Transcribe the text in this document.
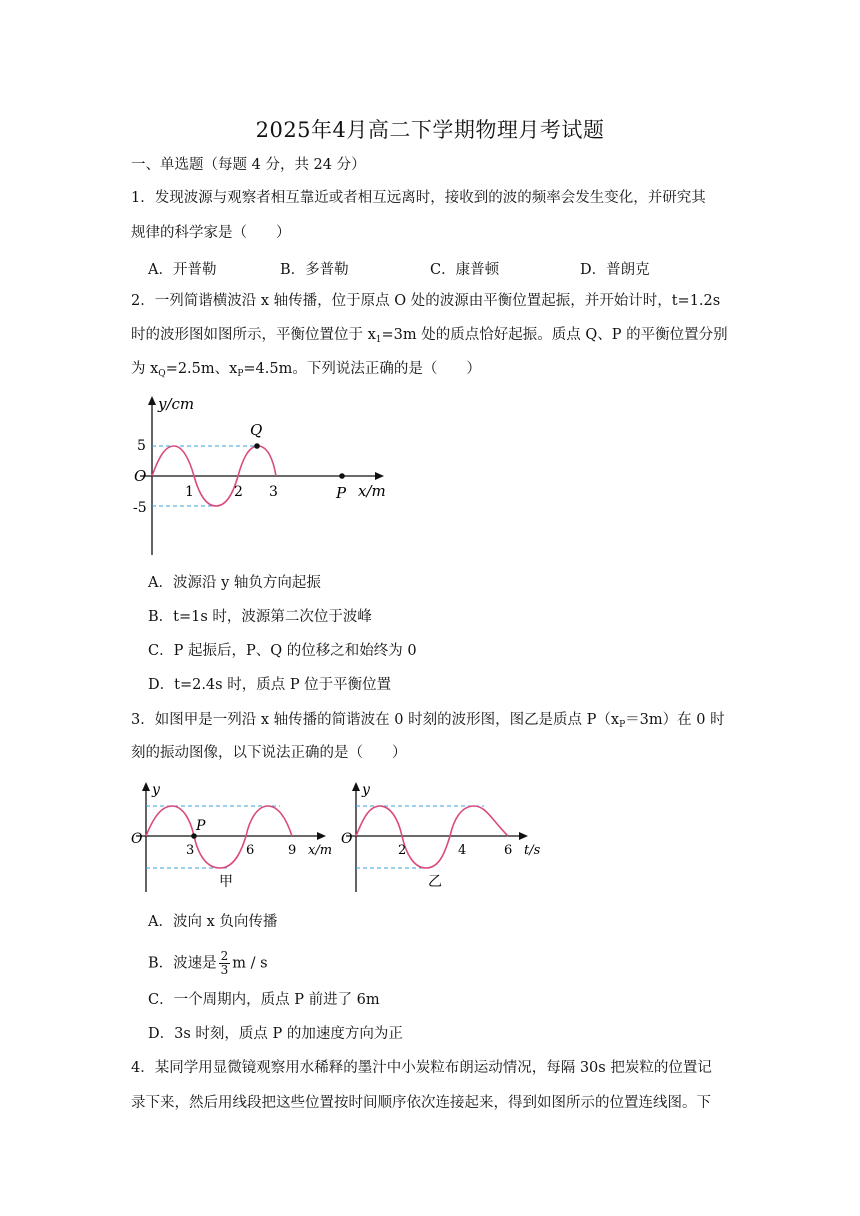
2025年4月高二下学期物理月考试题
一、单选题（每题 4 分，共 24 分）
1．发现波源与观察者相互靠近或者相互远离时，接收到的波的频率会发生变化，并研究其
规律的科学家是（　　）
A．开普勒	B．多普勒	C．康普顿	D．普朗克
2．一列简谐横波沿 x 轴传播，位于原点 O 处的波源由平衡位置起振，并开始计时，t=1.2s
时的波形图如图所示，平衡位置位于 $x_1=3m$ 处的质点恰好起振。质点 Q、P 的平衡位置分别
为 $x_Q=2.5m$、$x_P=4.5m$。下列说法正确的是（　　）
y/cm
Q
5
O
-5
1	2 3	P x/m
A．波源沿 y 轴负方向起振
B．t=1s 时，波源第二次位于波峰
C．P 起振后，P、Q 的位移之和始终为 0
D．t=2.4s 时，质点 P 位于平衡位置
3．如图甲是一列沿 x 轴传播的简谐波在 0 时刻的波形图，图乙是质点 $P(x_P=3m)$在 0 时
刻的振动图像，以下说法正确的是（　　）
y
O
P
3	6	9 x/m
甲
y
O
2	4	6 t/s
乙
A．波向 x 负向传播
B．波速是 $\frac{2}{3}$ m / s
C．一个周期内，质点 P 前进了 6m
D．3s 时刻，质点 P 的加速度方向为正
4．某同学用显微镜观察用水稀释的墨汁中小炭粒布朗运动情况，每隔 30s 把炭粒的位置记
录下来，然后用线段把这些位置按时间顺序依次连接起来，得到如图所示的位置连线图。下
